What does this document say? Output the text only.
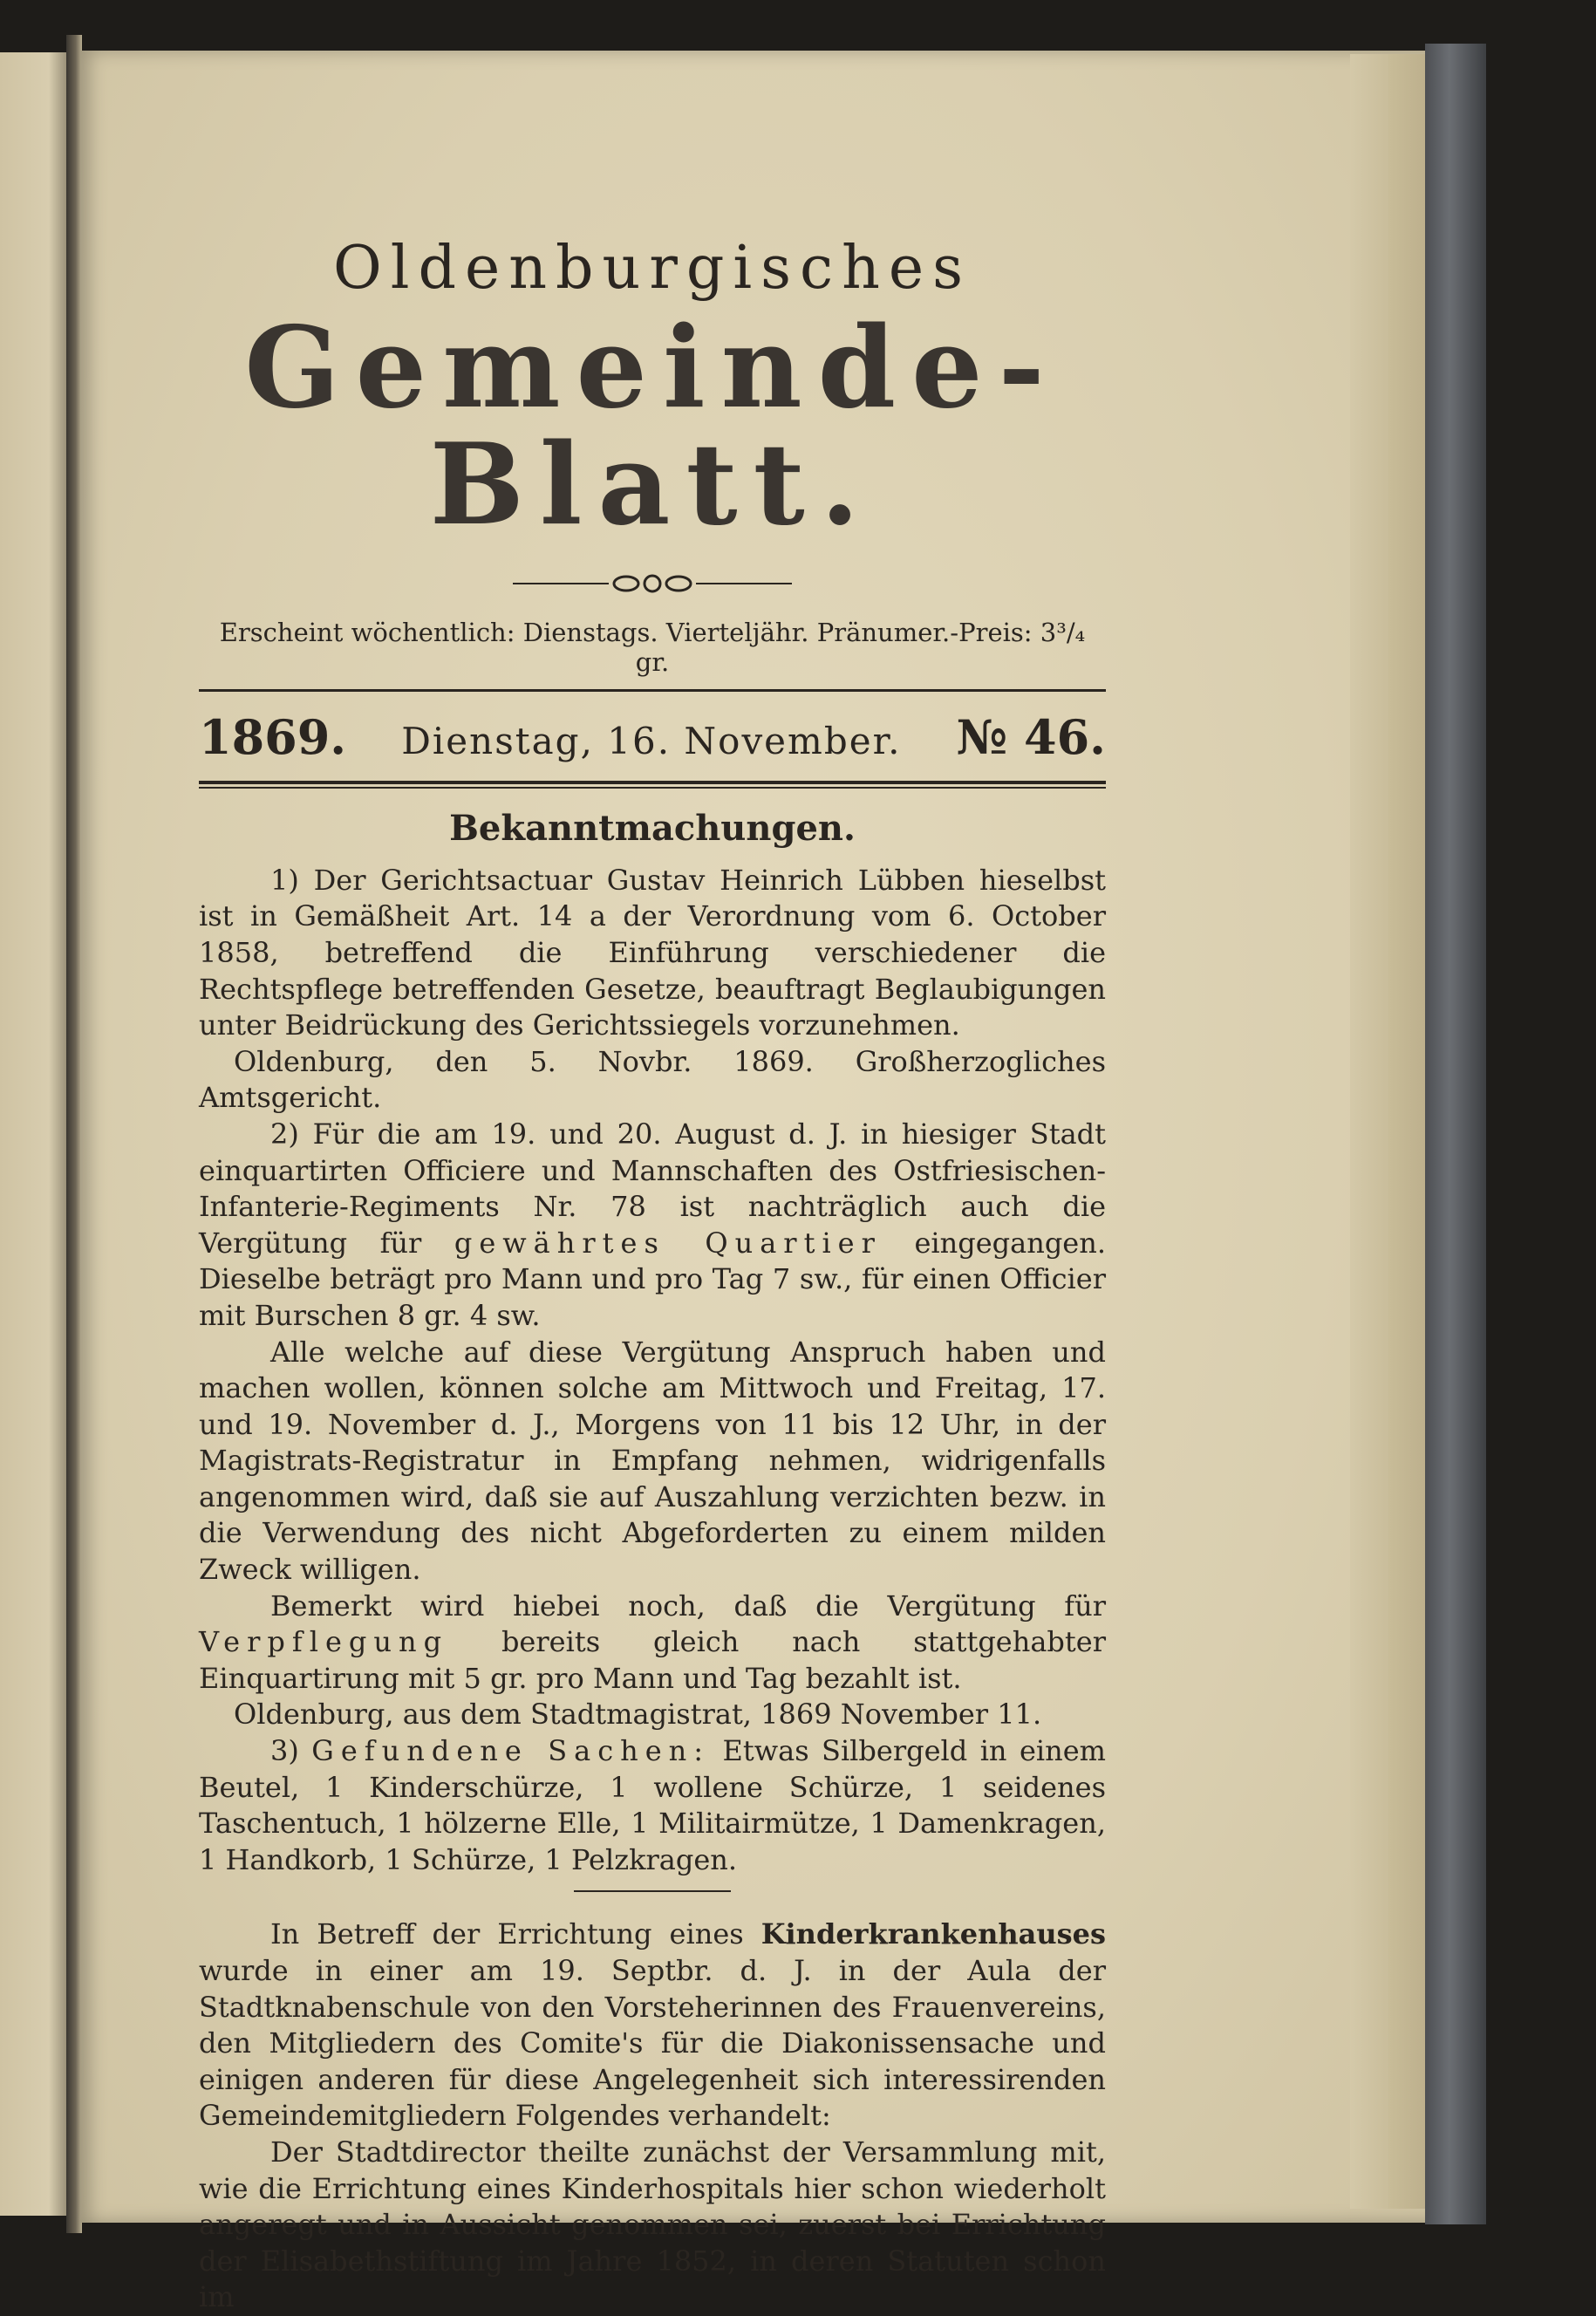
Oldenburgisches
Gemeinde-Blatt.
Erscheint wöchentlich: Dienstags. Vierteljähr. Pränumer.-Preis: 3³/₄ gr.
1869. Dienstag, 16. November. № 46.
Bekanntmachungen.

1) Der Gerichtsactuar Gustav Heinrich Lübben hieselbst ist in Gemäßheit Art. 14 a der Verordnung vom 6. October 1858, betreffend die Einführung verschiedener die Rechtspflege betreffenden Gesetze, beauftragt Beglaubigungen unter Beidrückung des Gerichtssiegels vorzunehmen.

Oldenburg, den 5. Novbr. 1869. Großherzogliches Amtsgericht.

2) Für die am 19. und 20. August d. J. in hiesiger Stadt einquartirten Officiere und Mannschaften des Ostfriesischen-Infanterie-Regiments Nr. 78 ist nachträglich auch die Vergütung für gewährtes Quartier eingegangen. Dieselbe beträgt pro Mann und pro Tag 7 sw., für einen Officier mit Burschen 8 gr. 4 sw.

Alle welche auf diese Vergütung Anspruch haben und machen wollen, können solche am Mittwoch und Freitag, 17. und 19. November d. J., Morgens von 11 bis 12 Uhr, in der Magistrats-Registratur in Empfang nehmen, widrigenfalls angenommen wird, daß sie auf Auszahlung verzichten bezw. in die Verwendung des nicht Abgeforderten zu einem milden Zweck willigen.

Bemerkt wird hiebei noch, daß die Vergütung für Verpflegung bereits gleich nach stattgehabter Einquartirung mit 5 gr. pro Mann und Tag bezahlt ist.

Oldenburg, aus dem Stadtmagistrat, 1869 November 11.

3) Gefundene Sachen: Etwas Silbergeld in einem Beutel, 1 Kinderschürze, 1 wollene Schürze, 1 seidenes Taschentuch, 1 hölzerne Elle, 1 Militairmütze, 1 Damenkragen, 1 Handkorb, 1 Schürze, 1 Pelzkragen.

In Betreff der Errichtung eines Kinderkrankenhauses wurde in einer am 19. Septbr. d. J. in der Aula der Stadtknabenschule von den Vorsteherinnen des Frauenvereins, den Mitgliedern des Comite's für die Diakonissensache und einigen anderen für diese Angelegenheit sich interessirenden Gemeindemitgliedern Folgendes verhandelt:

Der Stadtdirector theilte zunächst der Versammlung mit, wie die Errichtung eines Kinderhospitals hier schon wiederholt angeregt und in Aussicht genommen sei, zuerst bei Errichtung der Elisabethstiftung im Jahre 1852, in deren Statuten schon im
